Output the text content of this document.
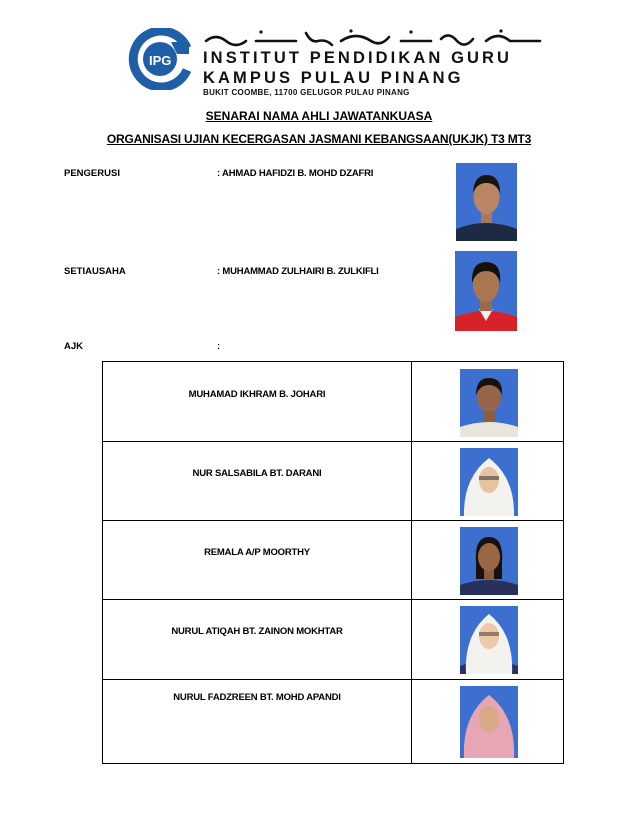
IPG INSTITUT PENDIDIKAN GURU
KAMPUS PULAU PINANG
BUKIT COOMBE, 11700 GELUGOR PULAU PINANG
SENARAI NAMA AHLI JAWATANKUASA
ORGANISASI UJIAN KECERGASAN JASMANI KEBANGSAAN(UKJK) T3 MT3
PENGERUSI	: AHMAD HAFIDZI B. MOHD DZAFRI
SETIAUSAHA	: MUHAMMAD ZULHAIRI B. ZULKIFLI
AJK	:
MUHAMAD IKHRAM B. JOHARI
NUR SALSABILA BT. DARANI
REMALA A/P MOORTHY
NURUL ATIQAH BT. ZAINON MOKHTAR
NURUL FADZREEN BT. MOHD APANDI
